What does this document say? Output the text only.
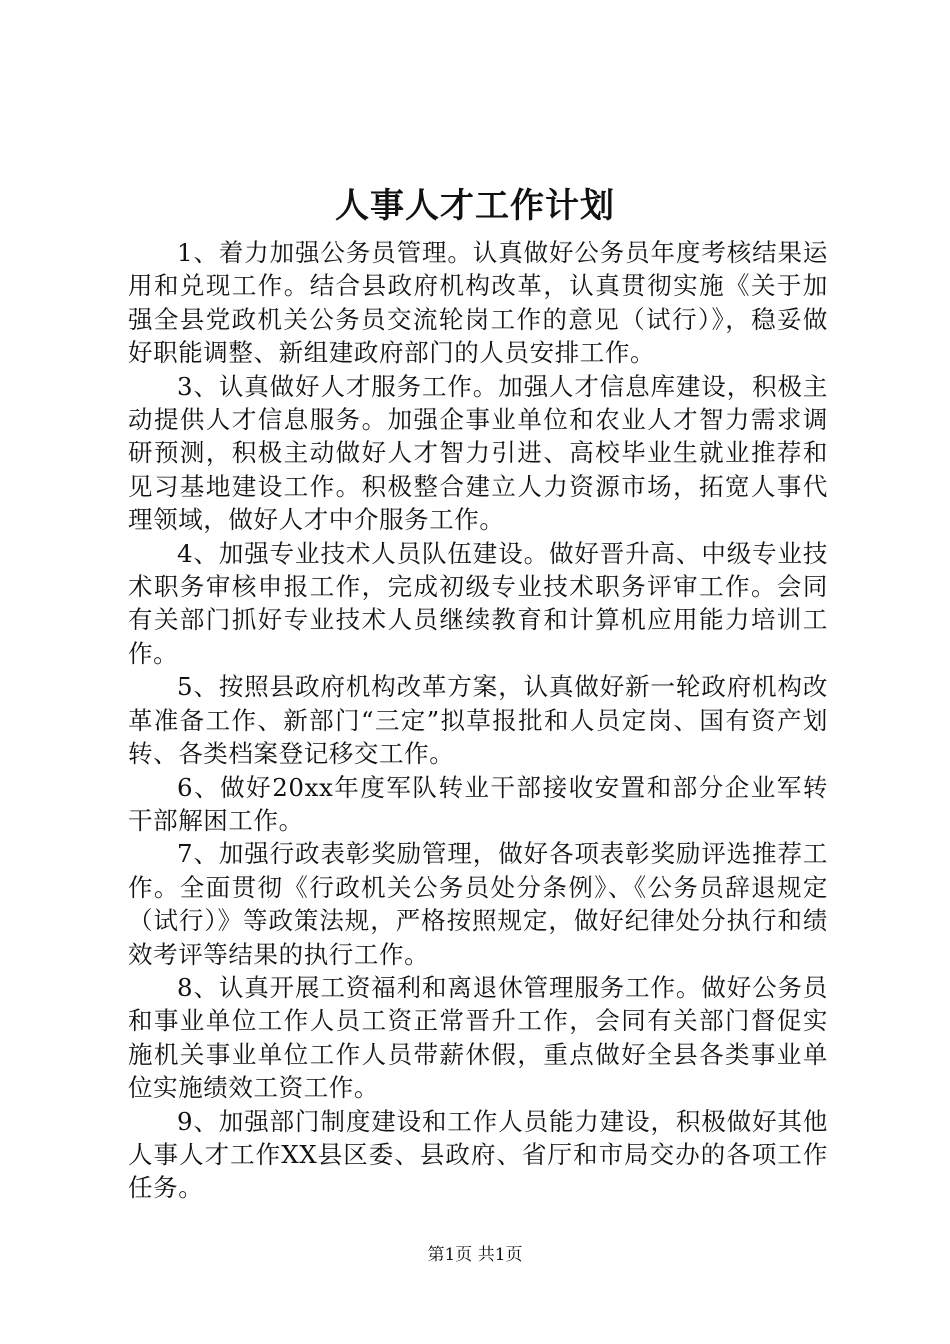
人事人才工作计划

1、着力加强公务员管理。认真做好公务员年度考核结果运用和兑现工作。结合县政府机构改革，认真贯彻实施《关于加强全县党政机关公务员交流轮岗工作的意见（试行）》，稳妥做好职能调整、新组建政府部门的人员安排工作。

3、认真做好人才服务工作。加强人才信息库建设，积极主动提供人才信息服务。加强企事业单位和农业人才智力需求调研预测，积极主动做好人才智力引进、高校毕业生就业推荐和见习基地建设工作。积极整合建立人力资源市场，拓宽人事代理领域，做好人才中介服务工作。

4、加强专业技术人员队伍建设。做好晋升高、中级专业技术职务审核申报工作，完成初级专业技术职务评审工作。会同有关部门抓好专业技术人员继续教育和计算机应用能力培训工作。

5、按照县政府机构改革方案，认真做好新一轮政府机构改革准备工作、新部门“三定”拟草报批和人员定岗、国有资产划转、各类档案登记移交工作。

6、做好20xx年度军队转业干部接收安置和部分企业军转干部解困工作。

7、加强行政表彰奖励管理，做好各项表彰奖励评选推荐工作。全面贯彻《行政机关公务员处分条例》、《公务员辞退规定（试行）》等政策法规，严格按照规定，做好纪律处分执行和绩效考评等结果的执行工作。

8、认真开展工资福利和离退休管理服务工作。做好公务员和事业单位工作人员工资正常晋升工作，会同有关部门督促实施机关事业单位工作人员带薪休假，重点做好全县各类事业单位实施绩效工资工作。

9、加强部门制度建设和工作人员能力建设，积极做好其他人事人才工作XX县区委、县政府、省厅和市局交办的各项工作任务。

第1页 共1页
